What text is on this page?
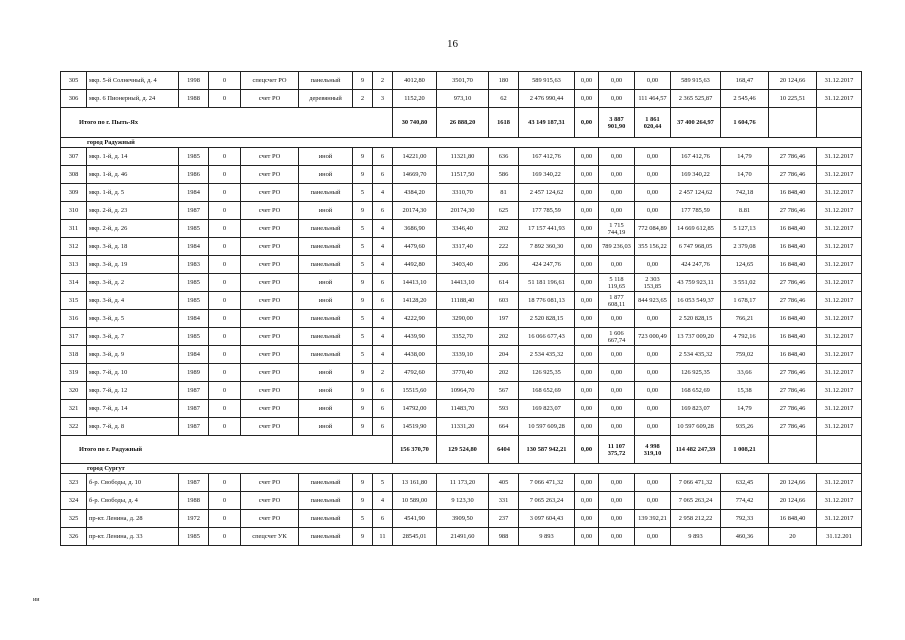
16
305	мкр. 5-й Солнечный, д. 4	1998	0	спецсчет РО	панельный	9	2	4012,80	3501,70	180	589 915,63	0,00	0,00	0,00	589 915,63	168,47	20 124,66	31.12.2017
306	мкр. 6 Пионерный, д. 24	1988	0	счет РО	деревянный	2	3	1152,20	973,10	62	2 476 990,44	0,00	0,00	111 464,57	2 365 525,87	2 545,46	10 225,51	31.12.2017
Итого по г. Пыть-Ях								30 740,80	26 888,20	1618	43 149 187,31	0,00	3 887 901,90	1 861 020,44	37 400 264,97	1 604,76		
город Радужный																		
307	мкр. 1-й, д. 14	1985	0	счет РО	иной	9	6	14221,00	11321,80	636	167 412,76	0,00	0,00	0,00	167 412,76	14,79	27 786,46	31.12.2017
308	мкр. 1-й, д. 46	1986	0	счет РО	иной	9	6	14669,70	11517,50	586	169 340,22	0,00	0,00	0,00	169 340,22	14,70	27 786,46	31.12.2017
309	мкр. 1-й, д. 5	1984	0	счет РО	панельный	5	4	4384,20	3310,70	81	2 457 124,62	0,00	0,00	0,00	2 457 124,62	742,18	16 848,40	31.12.2017
310	мкр. 2-й, д. 23	1987	0	счет РО	иной	9	6	20174,30	20174,30	625	177 785,59	0,00	0,00	0,00	177 785,59	8.81	27 786,46	31.12.2017
311	мкр. 2-й, д. 26	1985	0	счет РО	панельный	5	4	3686,90	3346,40	202	17 157 441,93	0,00	1 715 744,19	772 084,89	14 669 612,85	5 127,13	16 848,40	31.12.2017
312	мкр. 3-й, д. 18	1984	0	счет РО	панельный	5	4	4479,60	3317,40	222	7 892 360,30	0,00	789 236,03	355 156,22	6 747 968,05	2 379,08	16 848,40	31.12.2017
313	мкр. 3-й, д. 19	1983	0	счет РО	панельный	5	4	4492,80	3403,40	206	424 247,76	0,00	0,00	0,00	424 247,76	124,65	16 848,40	31.12.2017
314	мкр. 3-й, д. 2	1985	0	счет РО	иной	9	6	14413,10	14413,10	614	51 181 196,61	0,00	5 118 119,65	2 303 153,85	43 759 923,11	3 551,02	27 786,46	31.12.2017
315	мкр. 3-й, д. 4	1985	0	счет РО	иной	9	6	14128,20	11188,40	603	18 776 081,13	0,00	1 877 608,11	844 923,65	16 053 549,37	1 678,17	27 786,46	31.12.2017
316	мкр. 3-й, д. 5	1984	0	счет РО	панельный	5	4	4222,90	3290,00	197	2 520 828,15	0,00	0,00	0,00	2 520 828,15	766,21	16 848,40	31.12.2017
317	мкр. 3-й, д. 7	1985	0	счет РО	панельный	5	4	4439,90	3352,70	202	16 066 677,43	0,00	1 606 667,74	723 000,49	13 737 009,20	4 792,16	16 848,40	31.12.2017
318	мкр. 3-й, д. 9	1984	0	счет РО	панельный	5	4	4438,00	3339,10	204	2 534 435,32	0,00	0,00	0,00	2 534 435,32	759,02	16 848,40	31.12.2017
319	мкр. 7-й, д. 10	1989	0	счет РО	иной	9	2	4792,60	3770,40	202	126 925,35	0,00	0,00	0,00	126 925,35	33,66	27 786,46	31.12.2017
320	мкр. 7-й, д. 12	1987	0	счет РО	иной	9	6	15515,60	10964,70	567	168 652,69	0,00	0,00	0,00	168 652,69	15,38	27 786,46	31.12.2017
321	мкр. 7-й, д. 14	1987	0	счет РО	иной	9	6	14792,00	11483,70	593	169 823,07	0,00	0,00	0,00	169 823,07	14,79	27 786,46	31.12.2017
322	мкр. 7-й, д. 8	1987	0	счет РО	иной	9	6	14519,90	11331,20	664	10 597 609,28	0,00	0,00	0,00	10 597 609,28	935,26	27 786,46	31.12.2017
Итого по г. Радужный								156 370,70	129 524,80	6404	130 587 942,21	0,00	11 107 375,72	4 998 319,10	114 482 247,39	1 008,21		
город Сургут																		
323	б-р. Свободы, д. 10	1987	0	счет РО	панельный	9	5	13 161,80	11 173,20	405	7 066 471,32	0,00	0,00	0,00	7 066 471,32	632,45	20 124,66	31.12.2017
324	б-р. Свободы, д. 4	1988	0	счет РО	панельный	9	4	10 589,00	9 123,30	331	7 065 263,24	0,00	0,00	0,00	7 065 263,24	774,42	20 124,66	31.12.2017
325	пр-кт. Ленина, д. 28	1972	0	счет РО	панельный	5	6	4541,90	3909,50	237	3 097 604,43	0,00	0,00	139 392,21	2 958 212,22	792,33	16 848,40	31.12.2017
326	пр-кт. Ленина, д. 33	1985	0	спецсчет УК	панельный	9	11	28545,01	21491,60	988	9 893	0,00	0,00	0,00	9 893	460,36	20	31.12.201
ии
